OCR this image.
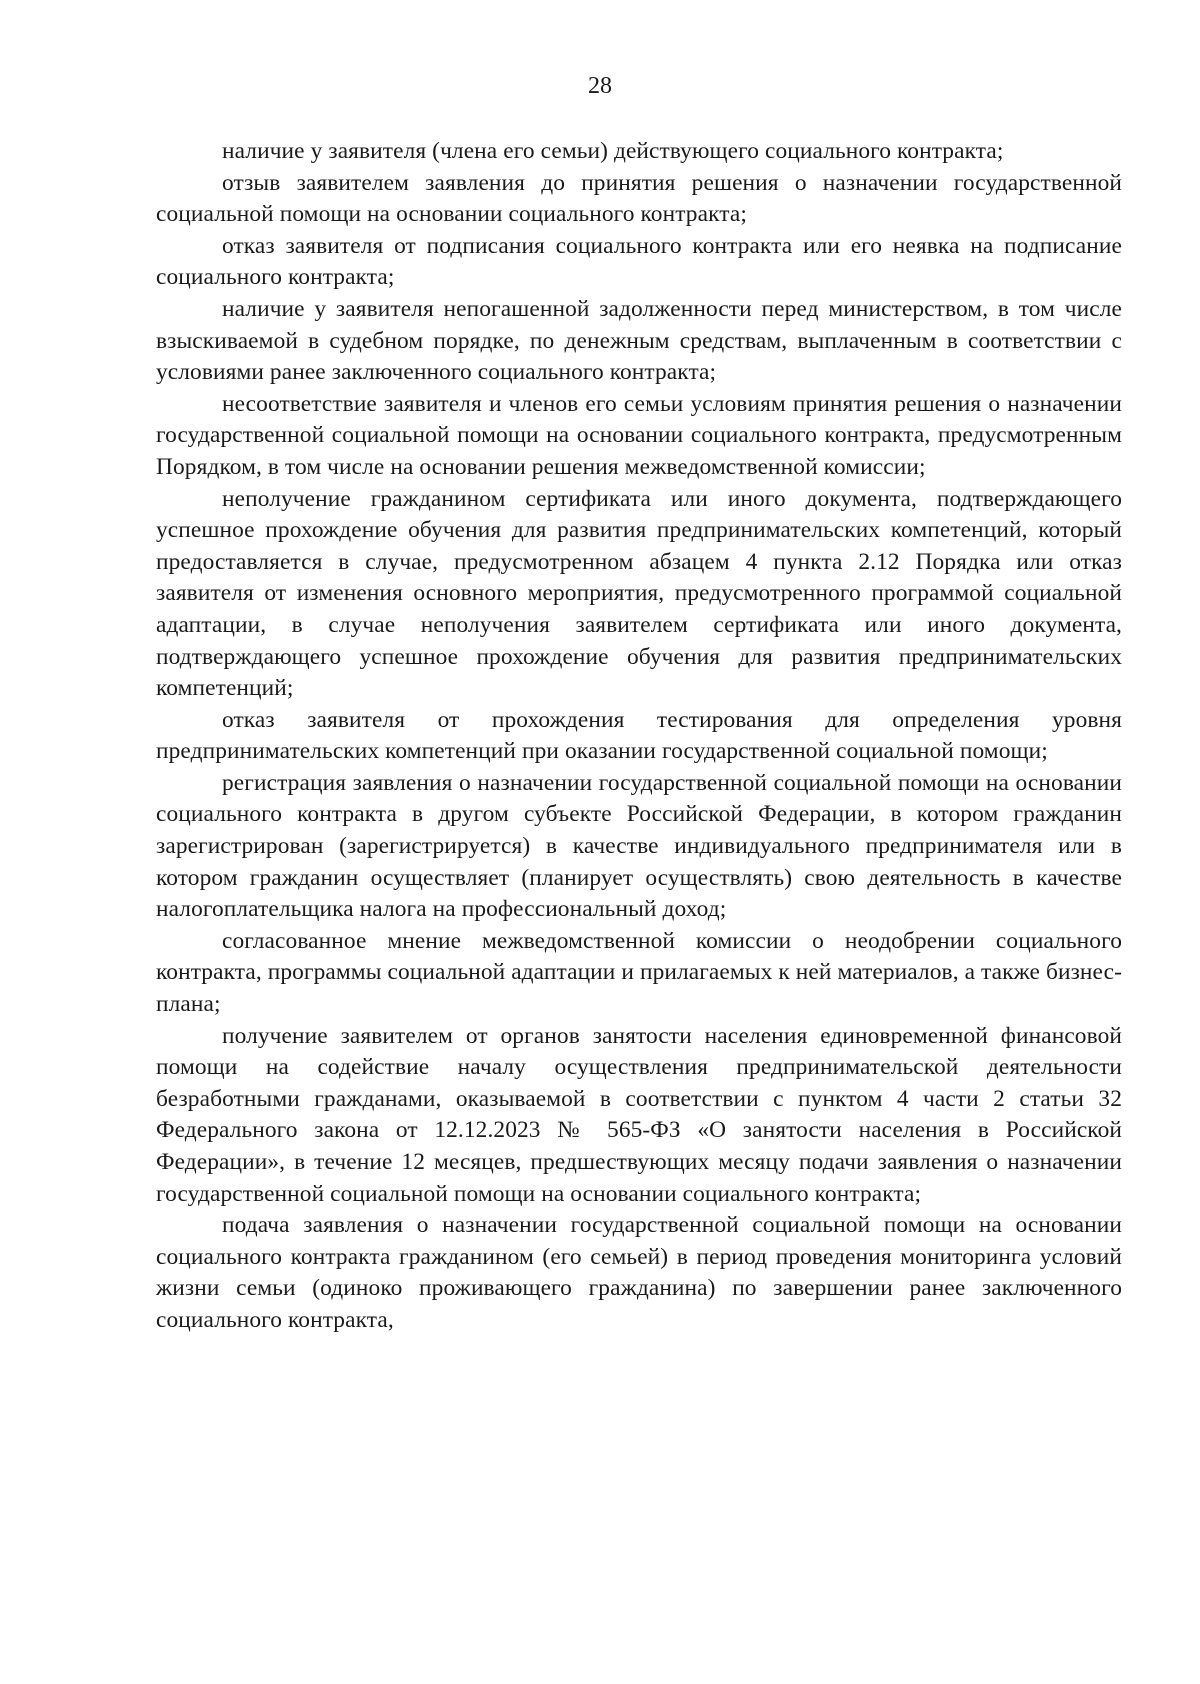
28

наличие у заявителя (члена его семьи) действующего социального контракта;

отзыв заявителем заявления до принятия решения о назначении государственной социальной помощи на основании социального контракта;

отказ заявителя от подписания социального контракта или его неявка на подписание социального контракта;

наличие у заявителя непогашенной задолженности перед министерством, в том числе взыскиваемой в судебном порядке, по денежным средствам, выплаченным в соответствии с условиями ранее заключенного социального контракта;

несоответствие заявителя и членов его семьи условиям принятия решения о назначении государственной социальной помощи на основании социального контракта, предусмотренным Порядком, в том числе на основании решения межведомственной комиссии;

неполучение гражданином сертификата или иного документа, подтверждающего успешное прохождение обучения для развития предпринимательских компетенций, который предоставляется в случае, предусмотренном абзацем 4 пункта 2.12 Порядка или отказ заявителя от изменения основного мероприятия, предусмотренного программой социальной адаптации, в случае неполучения заявителем сертификата или иного документа, подтверждающего успешное прохождение обучения для развития предпринимательских компетенций;

отказ заявителя от прохождения тестирования для определения уровня предпринимательских компетенций при оказании государственной социальной помощи;

регистрация заявления о назначении государственной социальной помощи на основании социального контракта в другом субъекте Российской Федерации, в котором гражданин зарегистрирован (зарегистрируется) в качестве индивидуального предпринимателя или в котором гражданин осуществляет (планирует осуществлять) свою деятельность в качестве налогоплательщика налога на профессиональный доход;

согласованное мнение межведомственной комиссии о неодобрении социального контракта, программы социальной адаптации и прилагаемых к ней материалов, а также бизнес-плана;

получение заявителем от органов занятости населения единовременной финансовой помощи на содействие началу осуществления предпринимательской деятельности безработными гражданами, оказываемой в соответствии с пунктом 4 части 2 статьи 32 Федерального закона от 12.12.2023 № 565-ФЗ «О занятости населения в Российской Федерации», в течение 12 месяцев, предшествующих месяцу подачи заявления о назначении государственной социальной помощи на основании социального контракта;

подача заявления о назначении государственной социальной помощи на основании социального контракта гражданином (его семьей) в период проведения мониторинга условий жизни семьи (одиноко проживающего гражданина) по завершении ранее заключенного социального контракта,
